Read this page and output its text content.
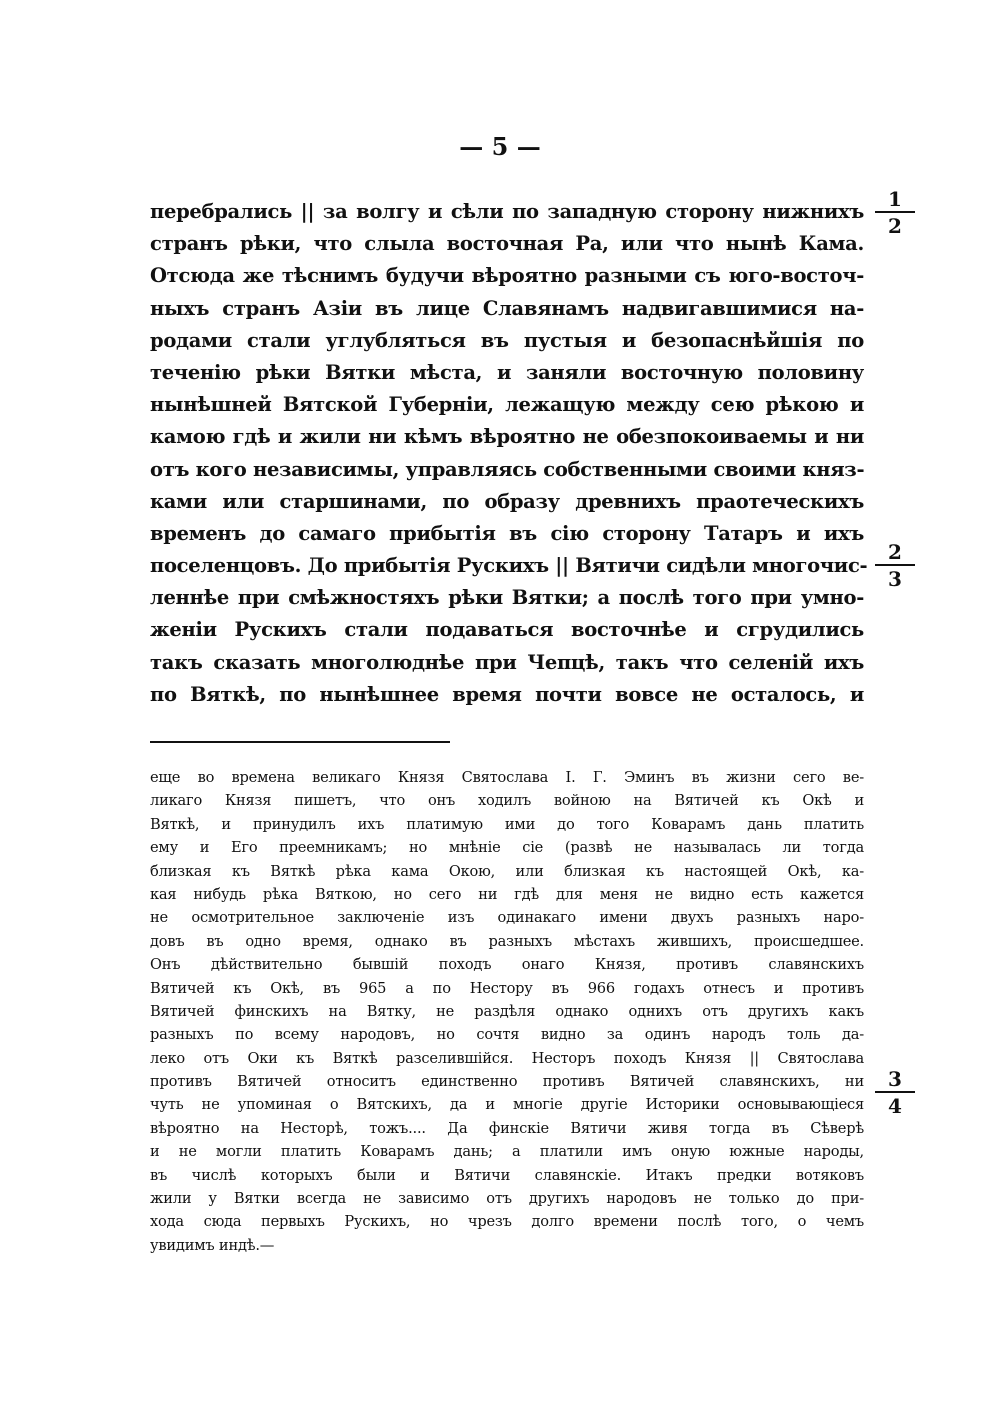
— 5 —
перебрались || за волгу и сѣли по западную сторону нижнихъ
странъ рѣки, что слыла восточная Ра, или что нынѣ Кама.
Отсюда же тѣснимъ будучи вѣроятно разными съ юго-восточ-
ныхъ странъ Азіи въ лице Славянамъ надвигавшимися на-
родами стали углубляться въ пустыя и безопаснѣйшія по
теченію рѣки Вятки мѣста, и заняли восточную половину
нынѣшней Вятской Губерніи, лежащую между сею рѣкою и
камою гдѣ и жили ни кѣмъ вѣроятно не обезпокоиваемы и ни
отъ кого независимы, управляясь собственными своими княз-
ками или старшинами, по образу древнихъ праотеческихъ
временъ до самаго прибытія въ сію сторону Татаръ и ихъ
поселенцовъ. До прибытія Рускихъ || Вятичи сидѣли многочис-
леннѣе при смѣжностяхъ рѣки Вятки; а послѣ того при умно-
женіи Рускихъ стали подаваться восточнѣе и сгрудились
такъ сказать многолюднѣе при Чепцѣ, такъ что селеній ихъ
по Вяткѣ, по нынѣшнее время почти вовсе не осталось, и
еще во времена великаго Князя Святослава I. Г. Эминъ въ жизни сего ве-
ликаго Князя пишетъ, что онъ ходилъ войною на Вятичей къ Окѣ и
Вяткѣ, и принудилъ ихъ платимую ими до того Коварамъ дань платить
ему и Его преемникамъ; но мнѣніе сіе (развѣ не называлась ли тогда
близкая къ Вяткѣ рѣка кама Окою, или близкая къ настоящей Окѣ, ка-
кая нибудь рѣка Вяткою, но сего ни гдѣ для меня не видно есть кажется
не осмотрительное заключеніе изъ одинакаго имени двухъ разныхъ наро-
довъ въ одно время, однако въ разныхъ мѣстахъ жившихъ, происшедшее.
Онъ дѣйствительно бывшій походъ онаго Князя, противъ славянскихъ
Вятичей къ Окѣ, въ 965 а по Нестору въ 966 годахъ отнесъ и противъ
Вятичей финскихъ на Вятку, не раздѣля однако однихъ отъ другихъ какъ
разныхъ по всему народовъ, но сочтя видно за одинъ народъ толь да-
леко отъ Оки къ Вяткѣ разселившійся. Несторъ походъ Князя || Святослава
противъ Вятичей относитъ единственно противъ Вятичей славянскихъ, ни
чуть не упоминая о Вятскихъ, да и многіе другіе Историки основывающіеся
вѣроятно на Несторѣ, тожъ.... Да финскіе Вятичи живя тогда въ Сѣверѣ
и не могли платить Коварамъ дань; а платили имъ оную южные народы,
въ числѣ которыхъ были и Вятичи славянскіе. Итакъ предки вотяковъ
жили у Вятки всегда не зависимо отъ другихъ народовъ не только до при-
хода сюда первыхъ Рускихъ, но чрезъ долго времени послѣ того, о чемъ
увидимъ индѣ.—
1
2
2
3
3
4
